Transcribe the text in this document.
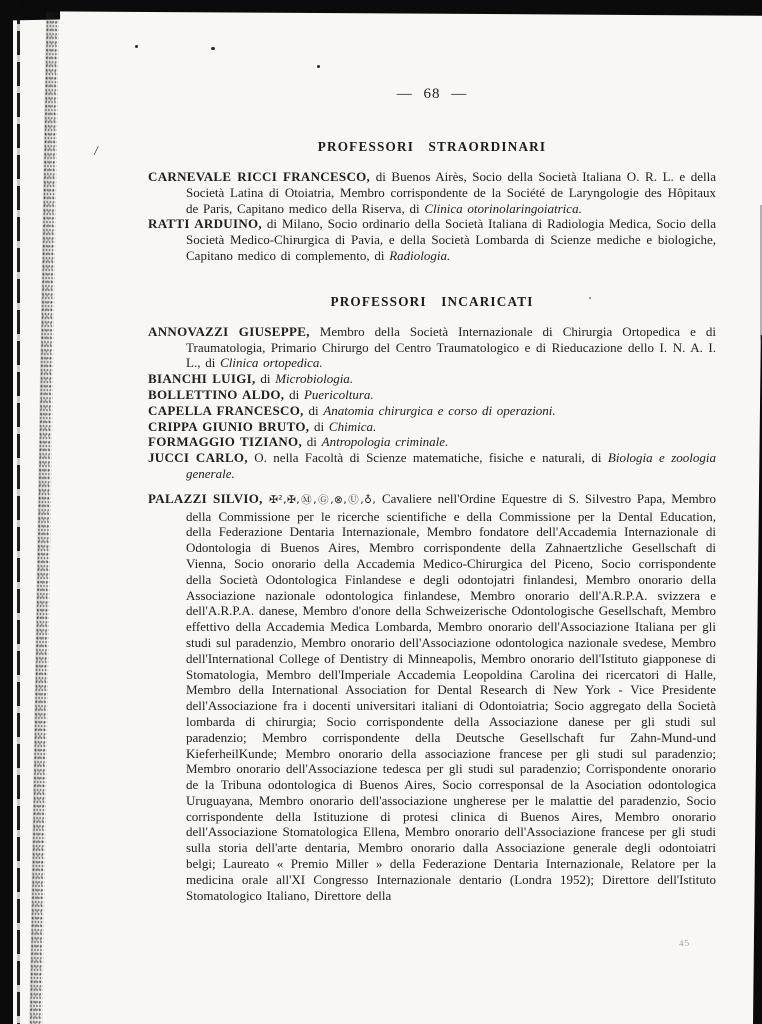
/
45
— 68 —
PROFESSORI STRAORDINARI

CARNEVALE RICCI FRANCESCO, di Buenos Airès, Socio della Società Italiana O. R. L. e della Società Latina di Otoiatria, Membro corrispondente de la Société de Laryngologie des Hôpitaux de Paris, Capitano medico della Riserva, di Clinica otorinolaringoiatrica.

RATTI ARDUINO, di Milano, Socio ordinario della Società Italiana di Radiologia Medica, Socio della Società Medico-Chirurgica di Pavia, e della Società Lombarda di Scienze mediche e biologiche, Capitano medico di complemento, di Radiologia.

PROFESSORI INCARICATI

ANNOVAZZI GIUSEPPE, Membro della Società Internazionale di Chirurgia Ortopedica e di Traumatologia, Primario Chirurgo del Centro Traumatologico e di Rieducazione dello I. N. A. I. L., di Clinica ortopedica.

BIANCHI LUIGI, di Microbiologia.

BOLLETTINO ALDO, di Puericoltura.

CAPELLA FRANCESCO, di Anatomia chirurgica e corso di operazioni.

CRIPPA GIUNIO BRUTO, di Chimica.

FORMAGGIO TIZIANO, di Antropologia criminale.

JUCCI CARLO, O. nella Facoltà di Scienze matematiche, fisiche e naturali, di Biologia e zoologia generale.

PALAZZI SILVIO, ✠²,✠,Ⓜ,Ⓖ,⊗,Ⓤ,♁, Cavaliere nell'Ordine Equestre di S. Silvestro Papa, Membro della Commissione per le ricerche scientifiche e della Commissione per la Dental Education, della Federazione Dentaria Internazionale, Membro fondatore dell'Accademia Internazionale di Odontologia di Buenos Aires, Membro corrispondente della Zahnaertzliche Gesellschaft di Vienna, Socio onorario della Accademia Medico-Chirurgica del Piceno, Socio corrispondente della Società Odontologica Finlandese e degli odontojatri finlandesi, Membro onorario della Associazione nazionale odontologica finlandese, Membro onorario dell'A.R.P.A. svizzera e dell'A.R.P.A. danese, Membro d'onore della Schweizerische Odontologische Gesellschaft, Membro effettivo della Accademia Medica Lombarda, Membro onorario dell'Associazione Italiana per gli studi sul paradenzio, Membro onorario dell'Associazione odontologica nazionale svedese, Membro dell'International College of Dentistry di Minneapolis, Membro onorario dell'Istituto giapponese di Stomatologia, Membro dell'Imperiale Accademia Leopoldina Carolina dei ricercatori di Halle, Membro della International Association for Dental Research di New York - Vice Presidente dell'Associazione fra i docenti universitari italiani di Odontoiatria; Socio aggregato della Società lombarda di chirurgia; Socio corrispondente della Associazione danese per gli studi sul paradenzio; Membro corrispondente della Deutsche Gesellschaft fur Zahn-Mund-und KieferheilKunde; Membro onorario della associazione francese per gli studi sul paradenzio; Membro onorario dell'Associazione tedesca per gli studi sul paradenzio; Corrispondente onorario de la Tribuna odontologica di Buenos Aires, Socio corresponsal de la Asociation odontologica Uruguayana, Membro onorario dell'associazione ungherese per le malattie del paradenzio, Socio corrispondente della Istituzione di protesi clinica di Buenos Aires, Membro onorario dell'Associazione Stomatologica Ellena, Membro onorario dell'Associazione francese per gli studi sulla storia dell'arte dentaria, Membro onorario dalla Associazione generale degli odontoiatri belgi; Laureato « Premio Miller » della Federazione Dentaria Internazionale, Relatore per la medicina orale all'XI Congresso Internazionale dentario (Londra 1952); Direttore dell'Istituto Stomatologico Italiano, Direttore della
